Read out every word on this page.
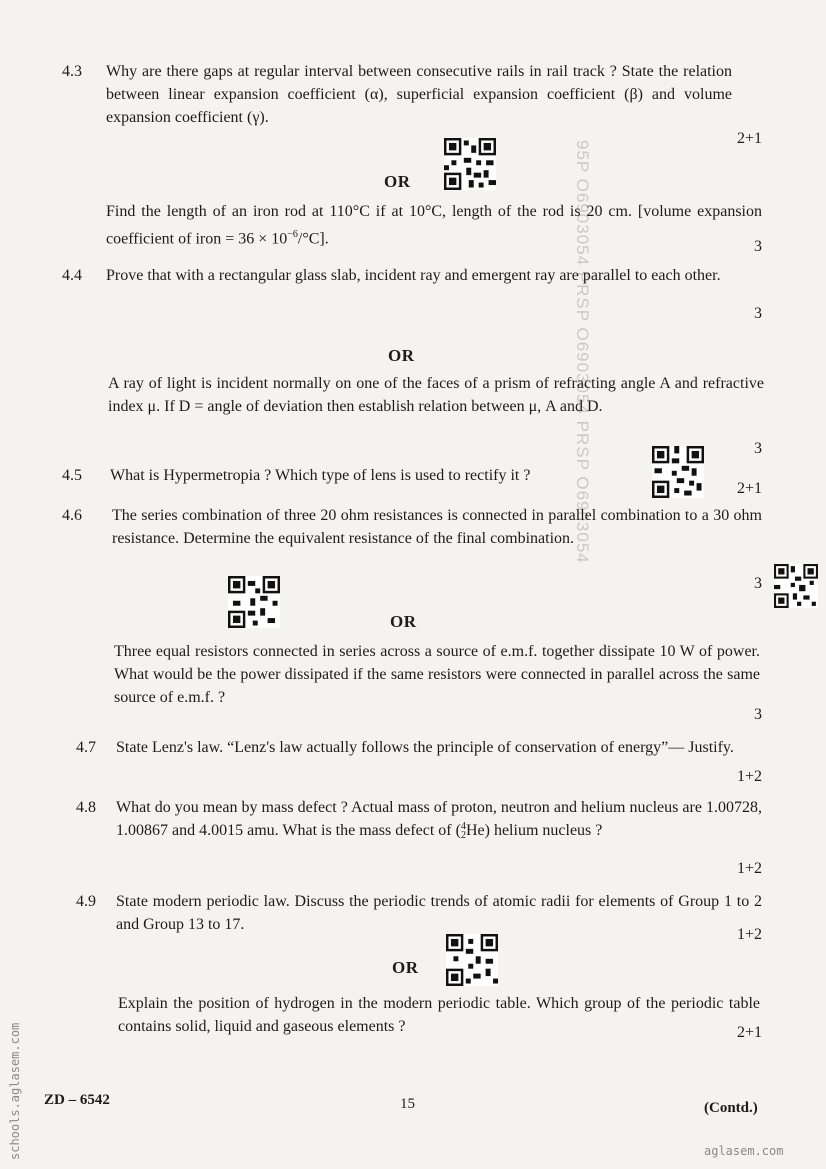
95P O6903054 PRSP O6903054 PRSP O6903054
schools.aglasem.com
4.3	Why are there gaps at regular interval between consecutive rails in rail track ? State the relation between linear expansion coefficient (α), superficial expansion coefficient (β) and volume expansion coefficient (γ).
2+1
OR
Find the length of an iron rod at 110°C if at 10°C, length of the rod is 20 cm. [volume expansion coefficient of iron = $36 \times 10^{-6}/^\circ C$].	3
4.4	Prove that with a rectangular glass slab, incident ray and emergent ray are parallel to each other.
3
OR
A ray of light is incident normally on one of the faces of a prism of refracting angle A and refractive index μ. If D = angle of deviation then establish relation between μ, A and D.
3
4.5	What is Hypermetropia ? Which type of lens is used to rectify it ?
2+1
4.6	The series combination of three 20 ohm resistances is connected in parallel combination to a 30 ohm resistance. Determine the equivalent resistance of the final combination.
3
OR
Three equal resistors connected in series across a source of e.m.f. together dissipate 10 W of power. What would be the power dissipated if the same resistors were connected in parallel across the same source of e.m.f. ?
3
4.7	State Lenz's law. “Lenz's law actually follows the principle of conservation of energy”— Justify.
1+2
4.8	What do you mean by mass defect ? Actual mass of proton, neutron and helium nucleus are 1.00728, 1.00867 and 4.0015 amu. What is the mass defect of ( 4
2 He) helium nucleus ?
1+2
4.9	State modern periodic law. Discuss the periodic trends of atomic radii for elements of Group 1 to 2 and Group 13 to 17.
1+2
OR
Explain the position of hydrogen in the modern periodic table. Which group of the periodic table contains solid, liquid and gaseous elements ?	2+1
ZD – 6542	15	(Contd.)
aglasem.com
